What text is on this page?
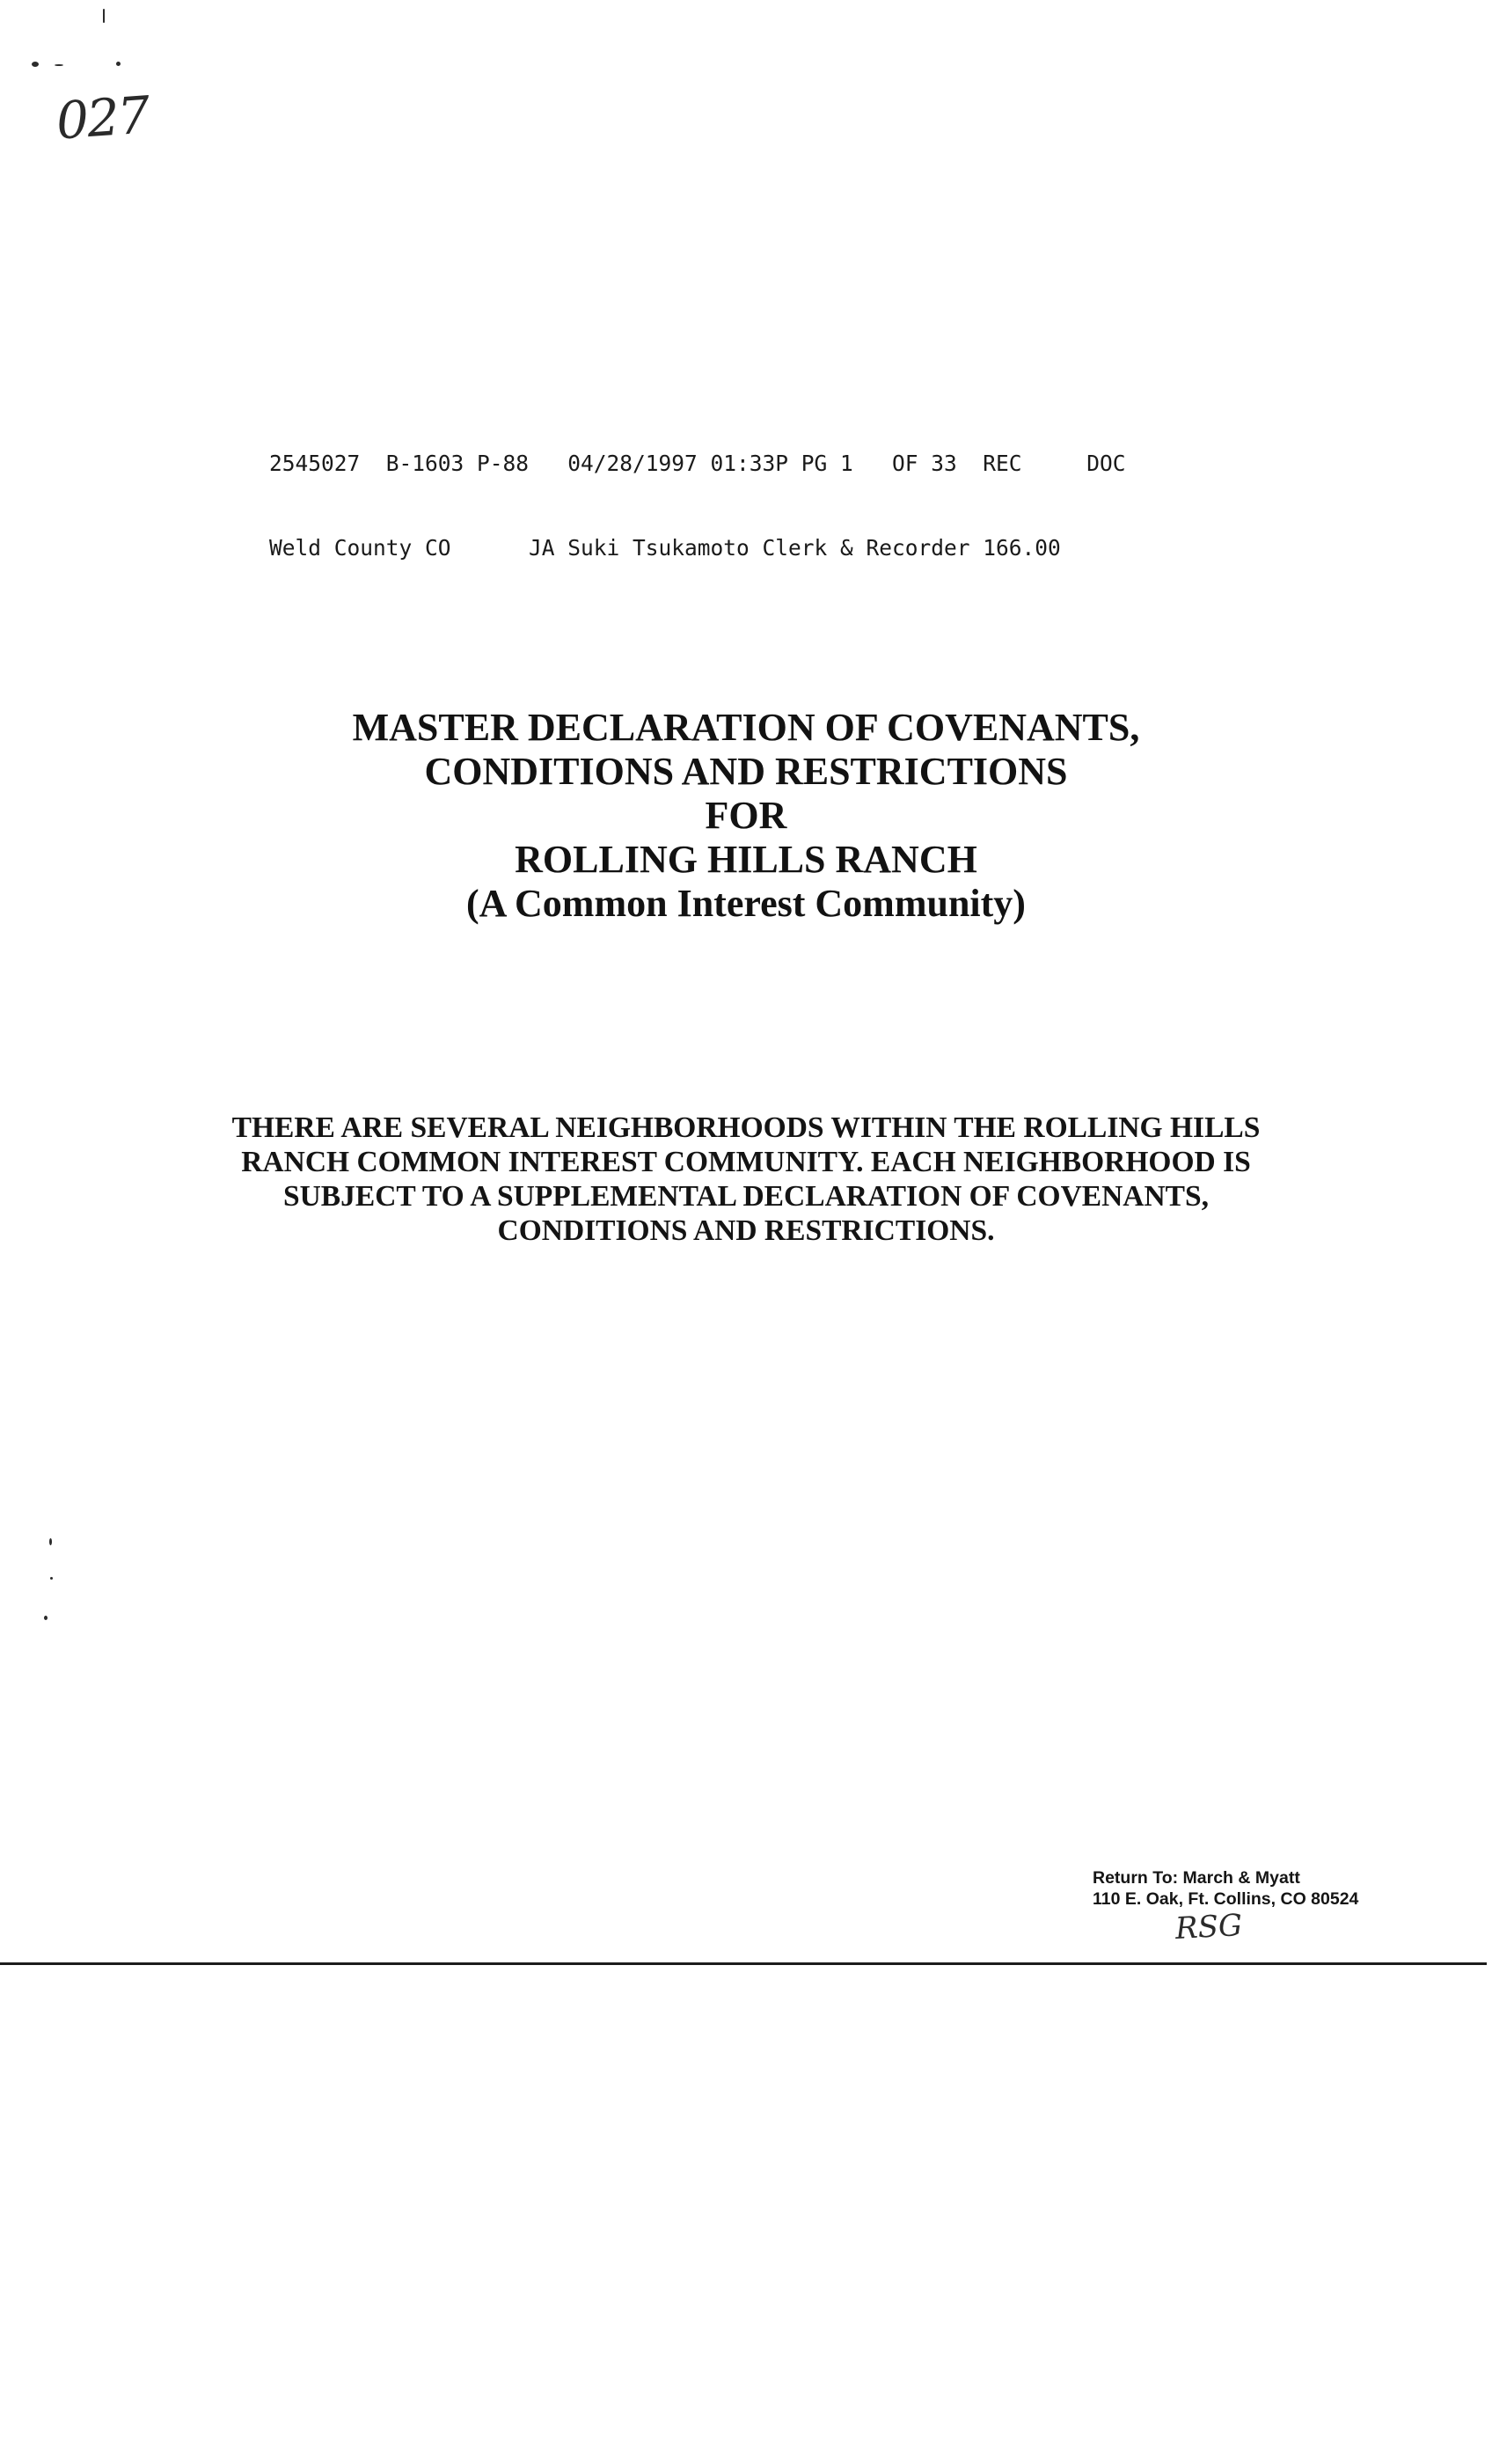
027

2545027  B-1603 P-88   04/28/1997 01:33P PG 1   OF 33  REC     DOC

Weld County CO      JA Suki Tsukamoto Clerk & Recorder 166.00

MASTER DECLARATION OF COVENANTS,
CONDITIONS AND RESTRICTIONS
FOR
ROLLING HILLS RANCH
(A Common Interest Community)
THERE ARE SEVERAL NEIGHBORHOODS WITHIN THE ROLLING HILLS
RANCH COMMON INTEREST COMMUNITY. EACH NEIGHBORHOOD IS
SUBJECT TO A SUPPLEMENTAL DECLARATION OF COVENANTS,
CONDITIONS AND RESTRICTIONS.
Return To: March & Myatt
110 E. Oak, Ft. Collins, CO 80524
RSG
